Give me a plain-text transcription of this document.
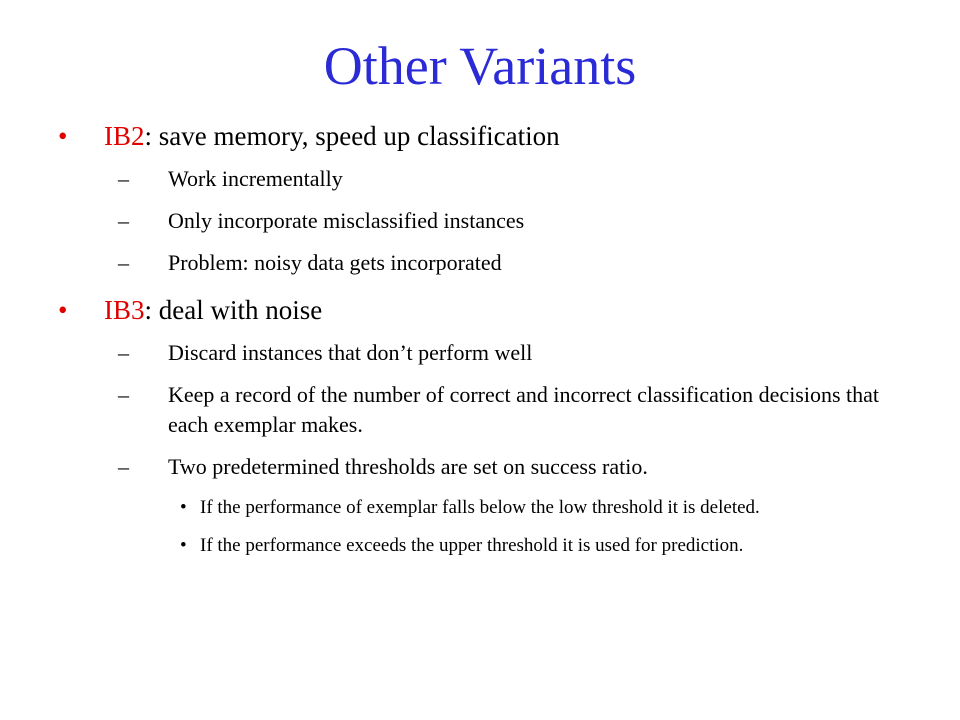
Other Variants
• IB2: save memory, speed up classification
– Work incrementally
– Only incorporate misclassified instances
– Problem: noisy data gets incorporated
• IB3: deal with noise
– Discard instances that don’t perform well
– Keep a record of the number of correct and incorrect classification decisions that each exemplar makes.
– Two predetermined thresholds are set on success ratio.
• If the performance of exemplar falls below the low threshold it is deleted.
• If the performance exceeds the upper threshold it is used for prediction.
